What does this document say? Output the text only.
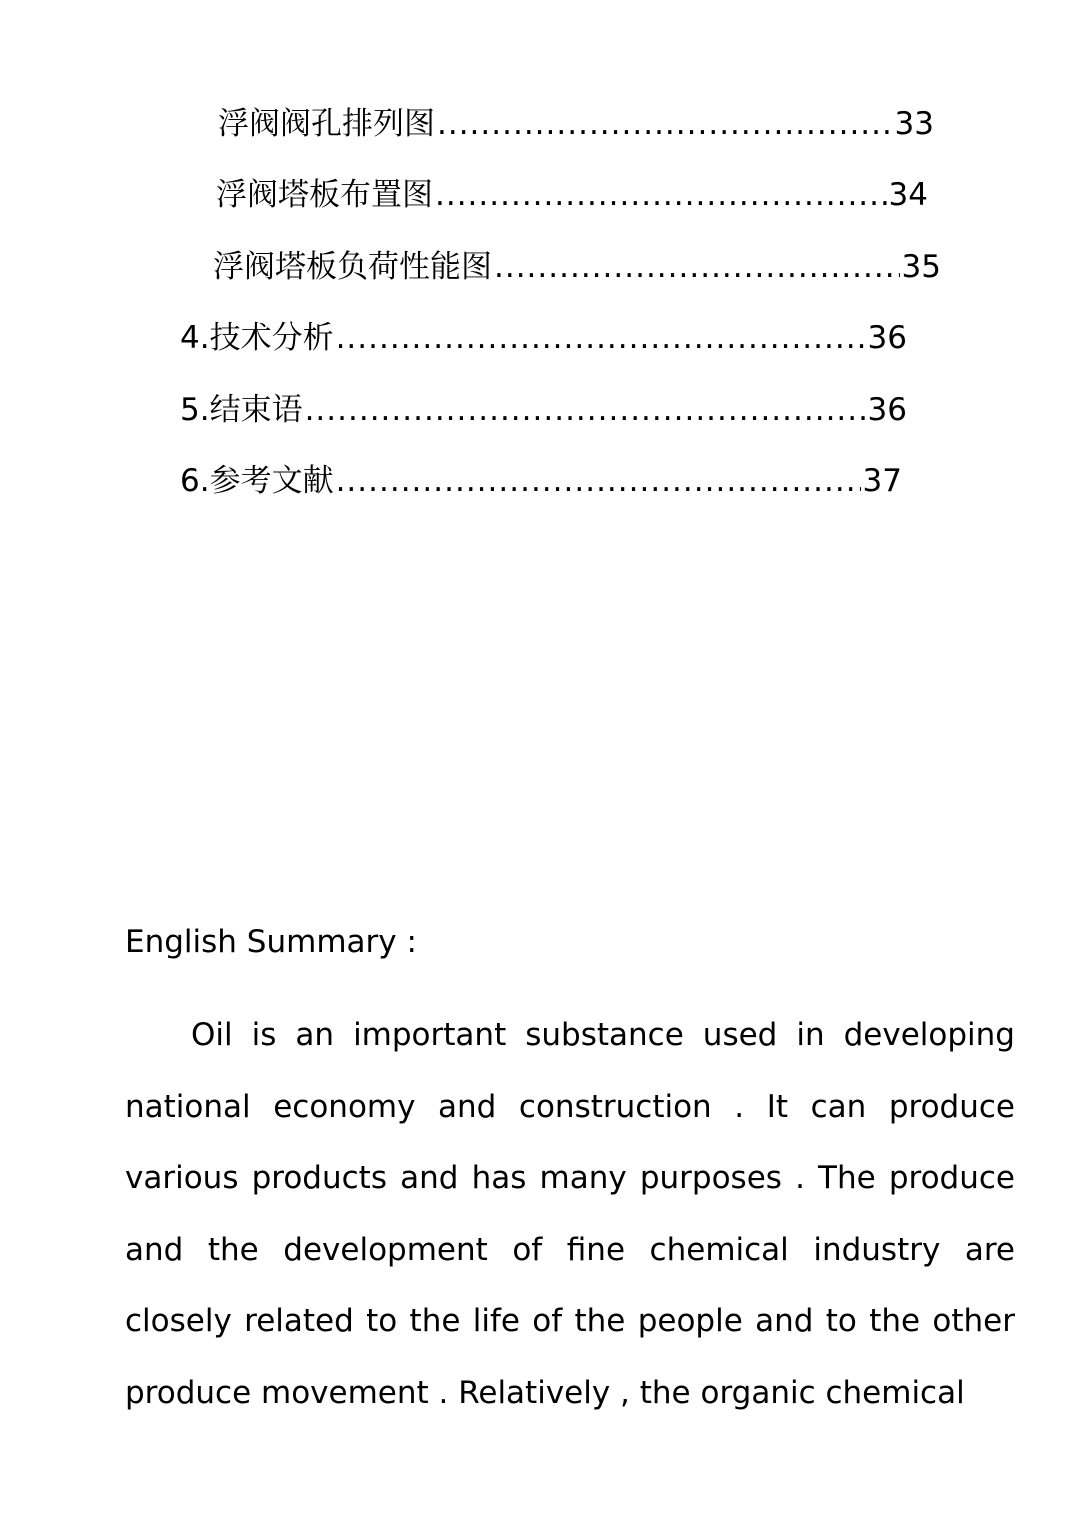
浮阀阀孔排列图 .....	33
浮阀塔板布置图 .....	34
浮阀塔板负荷性能图 .....	35
4.技术分析 .....	36
5.结束语 .....	36
6.参考文献 .....	37
English Summary :

Oil is an important substance used in developing national economy and construction . It can produce various products and has many purposes . The produce and the development of fine chemical industry are closely related to the life of the people and to the other produce movement . Relatively , the organic chemical
